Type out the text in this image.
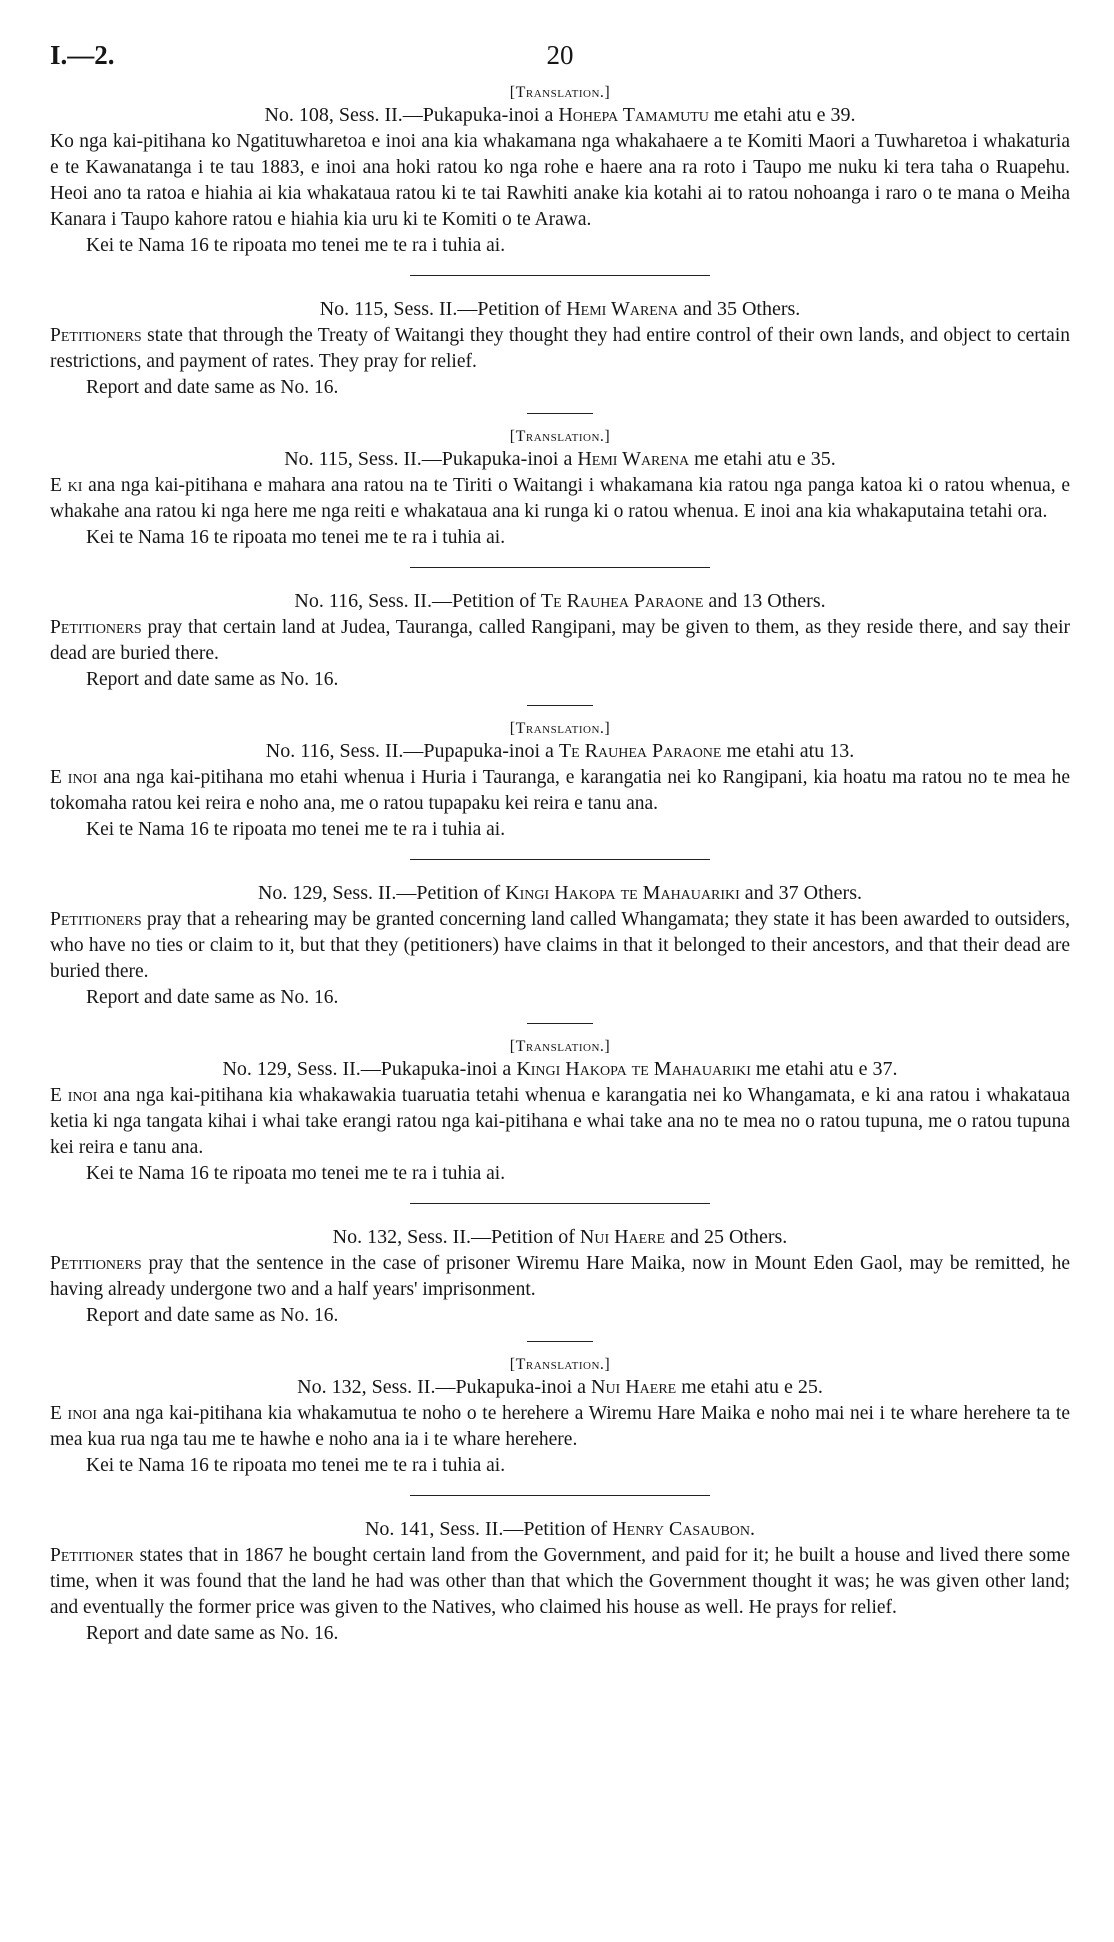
I.—2.	20
[Translation.]
No. 108, Sess. II.—Pukapuka-inoi a Hohepa Tamamutu me etahi atu e 39.

Ko nga kai-pitihana ko Ngatituwharetoa e inoi ana kia whakamana nga whakahaere a te Komiti Maori a Tuwharetoa i whakaturia e te Kawanatanga i te tau 1883, e inoi ana hoki ratou ko nga rohe e haere ana ra roto i Taupo me nuku ki tera taha o Ruapehu. Heoi ano ta ratoa e hiahia ai kia whakataua ratou ki te tai Rawhiti anake kia kotahi ai to ratou nohoanga i raro o te mana o Meiha Kanara i Taupo kahore ratou e hiahia kia uru ki te Komiti o te Arawa.

Kei te Nama 16 te ripoata mo tenei me te ra i tuhia ai.

No. 115, Sess. II.—Petition of Hemi Warena and 35 Others.

Petitioners state that through the Treaty of Waitangi they thought they had entire control of their own lands, and object to certain restrictions, and payment of rates. They pray for relief.

Report and date same as No. 16.

[Translation.]
No. 115, Sess. II.—Pukapuka-inoi a Hemi Warena me etahi atu e 35.

E ki ana nga kai-pitihana e mahara ana ratou na te Tiriti o Waitangi i whakamana kia ratou nga panga katoa ki o ratou whenua, e whakahe ana ratou ki nga here me nga reiti e whakataua ana ki runga ki o ratou whenua. E inoi ana kia whakaputaina tetahi ora.

Kei te Nama 16 te ripoata mo tenei me te ra i tuhia ai.

No. 116, Sess. II.—Petition of Te Rauhea Paraone and 13 Others.

Petitioners pray that certain land at Judea, Tauranga, called Rangipani, may be given to them, as they reside there, and say their dead are buried there.

Report and date same as No. 16.

[Translation.]
No. 116, Sess. II.—Pupapuka-inoi a Te Rauhea Paraone me etahi atu 13.

E inoi ana nga kai-pitihana mo etahi whenua i Huria i Tauranga, e karangatia nei ko Rangipani, kia hoatu ma ratou no te mea he tokomaha ratou kei reira e noho ana, me o ratou tupapaku kei reira e tanu ana.

Kei te Nama 16 te ripoata mo tenei me te ra i tuhia ai.

No. 129, Sess. II.—Petition of Kingi Hakopa te Mahauariki and 37 Others.

Petitioners pray that a rehearing may be granted concerning land called Whangamata; they state it has been awarded to outsiders, who have no ties or claim to it, but that they (petitioners) have claims in that it belonged to their ancestors, and that their dead are buried there.

Report and date same as No. 16.

[Translation.]
No. 129, Sess. II.—Pukapuka-inoi a Kingi Hakopa te Mahauariki me etahi atu e 37.

E inoi ana nga kai-pitihana kia whakawakia tuaruatia tetahi whenua e karangatia nei ko Whangamata, e ki ana ratou i whakataua ketia ki nga tangata kihai i whai take erangi ratou nga kai-pitihana e whai take ana no te mea no o ratou tupuna, me o ratou tupuna kei reira e tanu ana.

Kei te Nama 16 te ripoata mo tenei me te ra i tuhia ai.

No. 132, Sess. II.—Petition of Nui Haere and 25 Others.

Petitioners pray that the sentence in the case of prisoner Wiremu Hare Maika, now in Mount Eden Gaol, may be remitted, he having already undergone two and a half years' imprisonment.

Report and date same as No. 16.

[Translation.]
No. 132, Sess. II.—Pukapuka-inoi a Nui Haere me etahi atu e 25.

E inoi ana nga kai-pitihana kia whakamutua te noho o te herehere a Wiremu Hare Maika e noho mai nei i te whare herehere ta te mea kua rua nga tau me te hawhe e noho ana ia i te whare herehere.

Kei te Nama 16 te ripoata mo tenei me te ra i tuhia ai.

No. 141, Sess. II.—Petition of Henry Casaubon.

Petitioner states that in 1867 he bought certain land from the Government, and paid for it; he built a house and lived there some time, when it was found that the land he had was other than that which the Government thought it was; he was given other land; and eventually the former price was given to the Natives, who claimed his house as well. He prays for relief.

Report and date same as No. 16.
